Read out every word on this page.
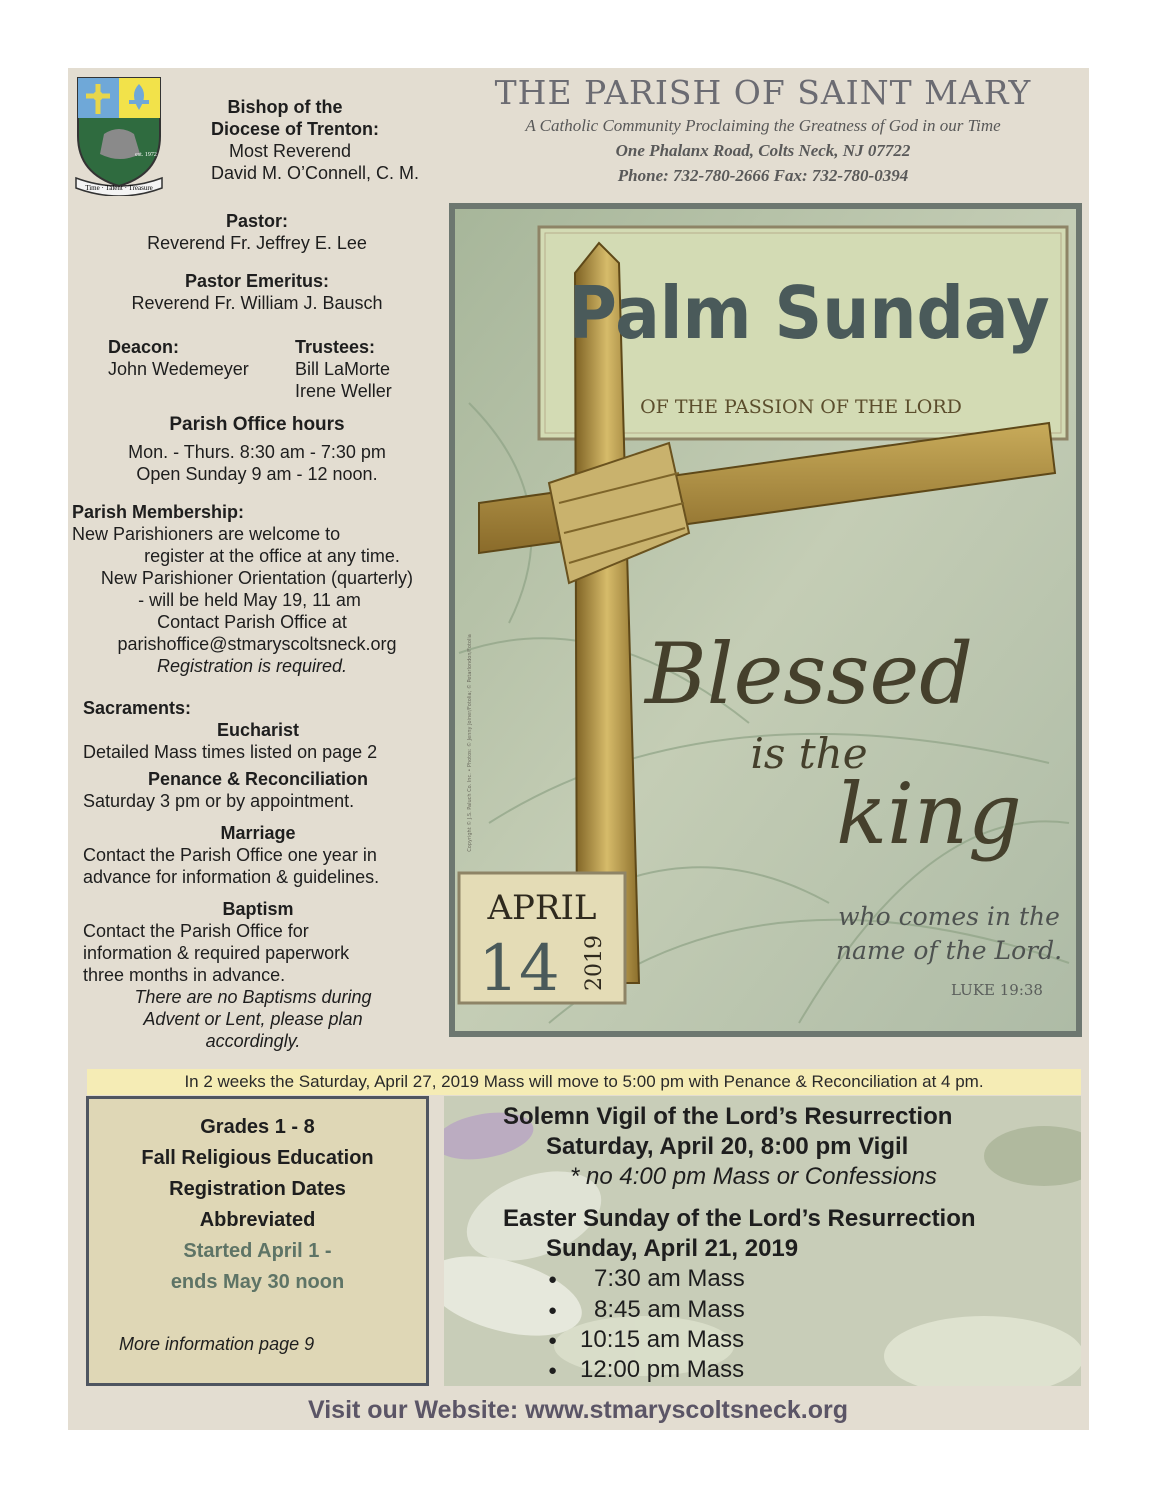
Time · Talent · Treasure
est. 1972
Bishop of the
Diocese of Trenton:
Most Reverend
David M. O’Connell, C. M.
Pastor:
Reverend Fr. Jeffrey E. Lee
Pastor Emeritus:
Reverend Fr. William J. Bausch
Deacon:
John Wedemeyer
Trustees:
Bill LaMorte
Irene Weller
Parish Office hours
Mon. - Thurs. 8:30 am - 7:30 pm
Open Sunday 9 am - 12 noon.
Parish Membership:
New Parishioners are welcome to
register at the office at any time.
New Parishioner Orientation (quarterly)
- will be held May 19, 11 am
Contact Parish Office at
parishoffice@stmaryscoltsneck.org
Registration is required.
Sacraments:
Eucharist
Detailed Mass times listed on page 2
Penance & Reconciliation
Saturday 3 pm or by appointment.
Marriage
Contact the Parish Office one year in
advance for information & guidelines.
Baptism
Contact the Parish Office for
information & required paperwork
three months in advance.
There are no Baptisms during
Advent or Lent, please plan
accordingly.
THE PARISH OF SAINT MARY
A Catholic Community Proclaiming the Greatness of God in our Time
One Phalanx Road, Colts Neck, NJ 07722
Phone: 732-780-2666 Fax: 732-780-0394
Palm Sunday
OF THE PASSION OF THE LORD
Blessed
is the
king
who comes in the
name of the Lord.
LUKE 19:38
APRIL
14 2019
Copyright © J.S. Paluch Co. Inc. • Photos: © Jenny Joiner/Fotolia; © Petarlondon/Fotolia
In 2 weeks the Saturday, April 27, 2019 Mass will move to 5:00 pm with Penance & Reconciliation at 4 pm.
Grades 1 - 8
Fall Religious Education
Registration Dates
Abbreviated
Started April 1 -
ends May 30 noon
More information page 9
Solemn Vigil of the Lord’s Resurrection
Saturday, April 20, 8:00 pm Vigil
* no 4:00 pm Mass or Confessions
Easter Sunday of the Lord’s Resurrection
Sunday, April 21, 2019
● 7:30 am Mass
● 8:45 am Mass
● 10:15 am Mass
● 12:00 pm Mass
Visit our Website: www.stmaryscoltsneck.org
